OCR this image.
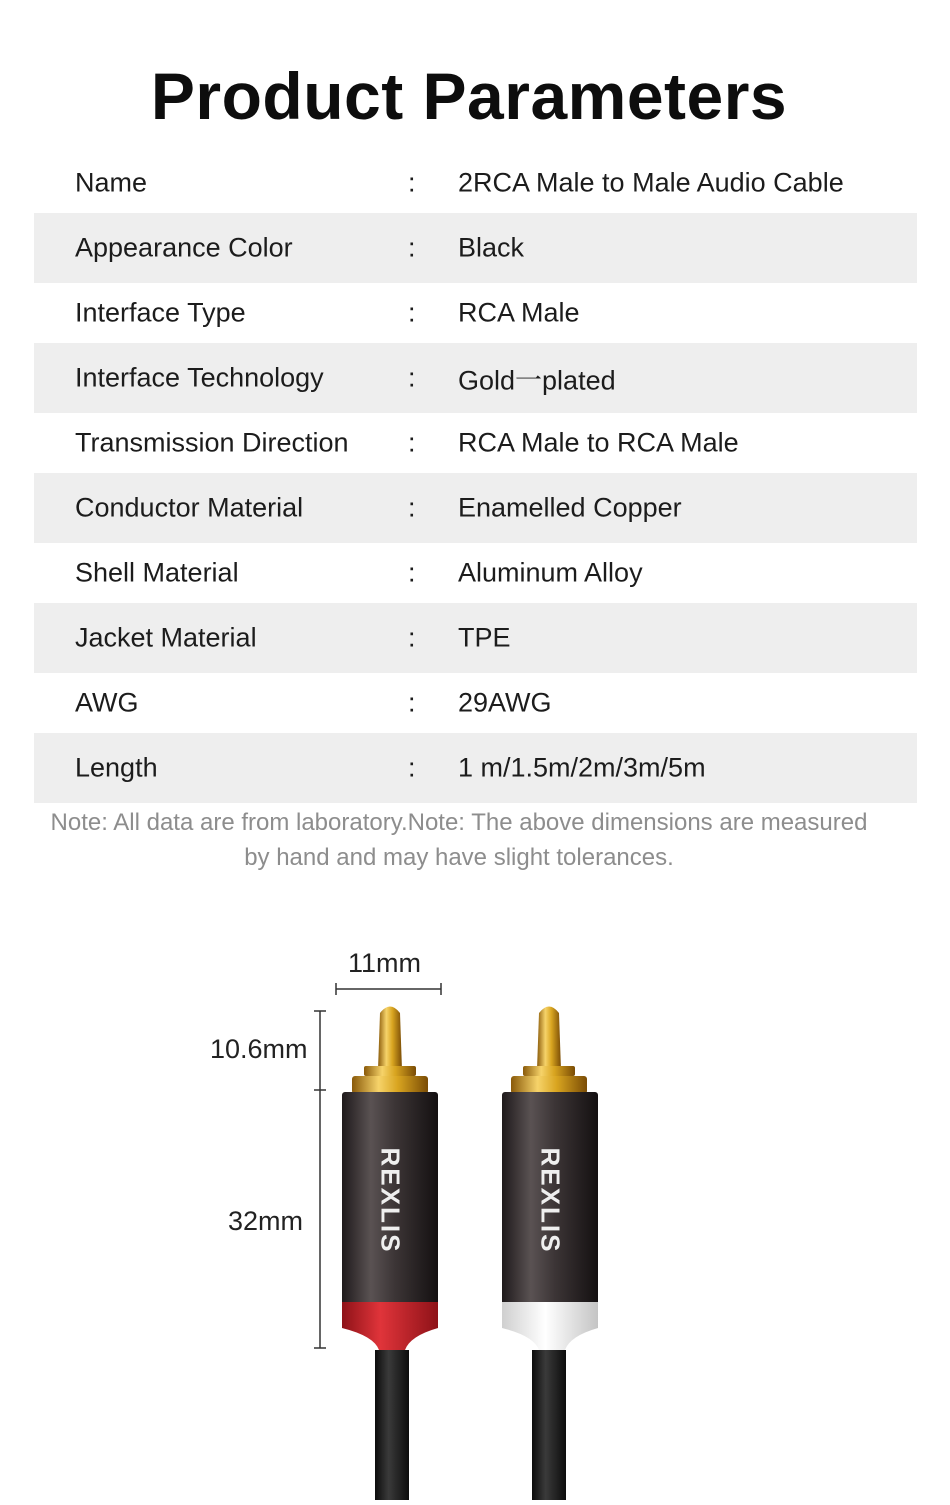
Product Parameters
Name	: 2RCA Male to Male Audio Cable
Appearance Color	: Black
Interface Type	: RCA Male
Interface Technology	: Gold一plated
Transmission Direction : RCA Male to RCA Male
Conductor Material	: Enamelled Copper
Shell Material	: Aluminum Alloy
Jacket Material	: TPE
AWG	: 29AWG
Length	: 1 m/1.5m/2m/3m/5m
Note: All data are from laboratory.Note: The above dimensions are measured by hand and may have slight tolerances.
11mm
10.6mm
32mm	REXLIS	REXLIS
